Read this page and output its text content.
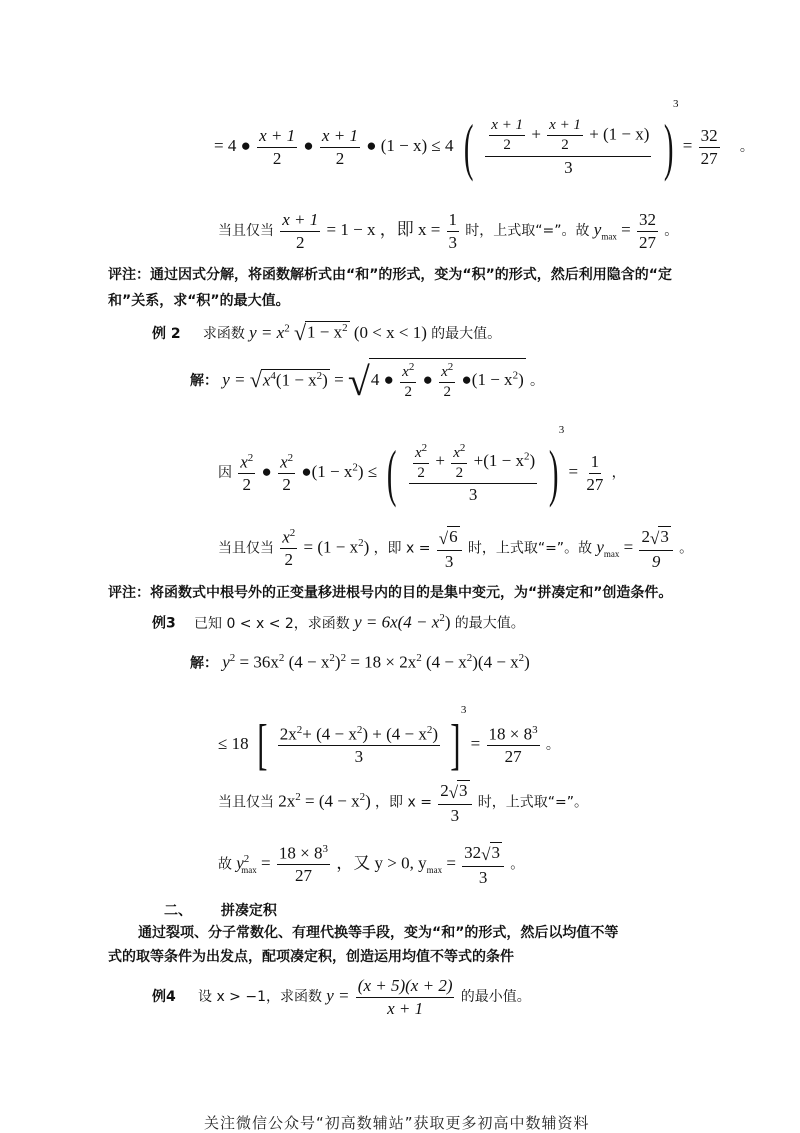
= 4 ● $\frac{x + 1}{2}$ ● $\frac{x + 1}{2}$ ● (1 − x) ≤ 4 ( $\frac{\frac{x + 1}{2} + \frac{x + 1}{2} + (1 - x)}{3} )^3 = \frac{32}{27}$ 。
当且仅当 $\frac{x + 1}{2} = 1 - x$ ，即 $x = \frac{1}{3}$ 时，上式取“=”。故 $y_{max} = \frac{32}{27}$ 。
评注：通过因式分解，将函数解析式由“和”的形式，变为“积”的形式，然后利用隐含的“定
和”关系，求“积”的最大值。
例 2 求函数 $y = x^2$ $√1 - x^2$ (0 < x < 1) 的最大值。
解： $y = √x^4(1 - x^2) = √4$ ● $\frac{x^2}{2}$ ● $\frac{x^2}{2}$ ●(1 − $x^2$) 。
因 $\frac{x^2}{2}$ ● $\frac{x^2}{2}$ ●(1 − $x^2$) ≤ ( $\frac{\frac{x^2}{2} + \frac{x^2}{2} +(1 - x^2)}{3} )^3 = \frac{1}{27}$ ，
当且仅当 $\frac{x^2}{2} = (1 - x^2)$ ，即 $x = \frac{√6}{3}$ 时，上式取“=”。故 $y_{max} = \frac{2√3}{9}$ 。
评注：将函数式中根号外的正变量移进根号内的目的是集中变元，为“拼凑定和”创造条件。
例3 已知 0 < x < 2，求函数 $y = 6x(4 - x^2)$ 的最大值。
解： $y^2 = 36x^2$ $(4 - x^2)^2 = 18 \times 2x^2$ $(4 - x^2)(4 - x^2)$
≤ 18 [ $\frac{2x^2+ (4 - x^2) + (4 - x^2)}{3} ]^3 = \frac{18 \times 8^3}{27}$ 。
当且仅当 $2x^2 = (4 - x^2)$ ，即 $x = \frac{2√3}{3}$ 时，上式取“=”。
故 $y^2_{max} = \frac{18 \times 8^3}{27}$ ，又 y > 0, $y_{max} = \frac{32√3}{3}$ 。
二、 拼凑定积
通过裂项、分子常数化、有理代换等手段，变为“和”的形式，然后以均值不等
式的取等条件为出发点，配项凑定积，创造运用均值不等式的条件
例4 设 x > −1，求函数 $y = \frac{(x + 5)(x + 2)}{x + 1}$ 的最小值。
关注微信公众号“初高数辅站”获取更多初高中数辅资料
